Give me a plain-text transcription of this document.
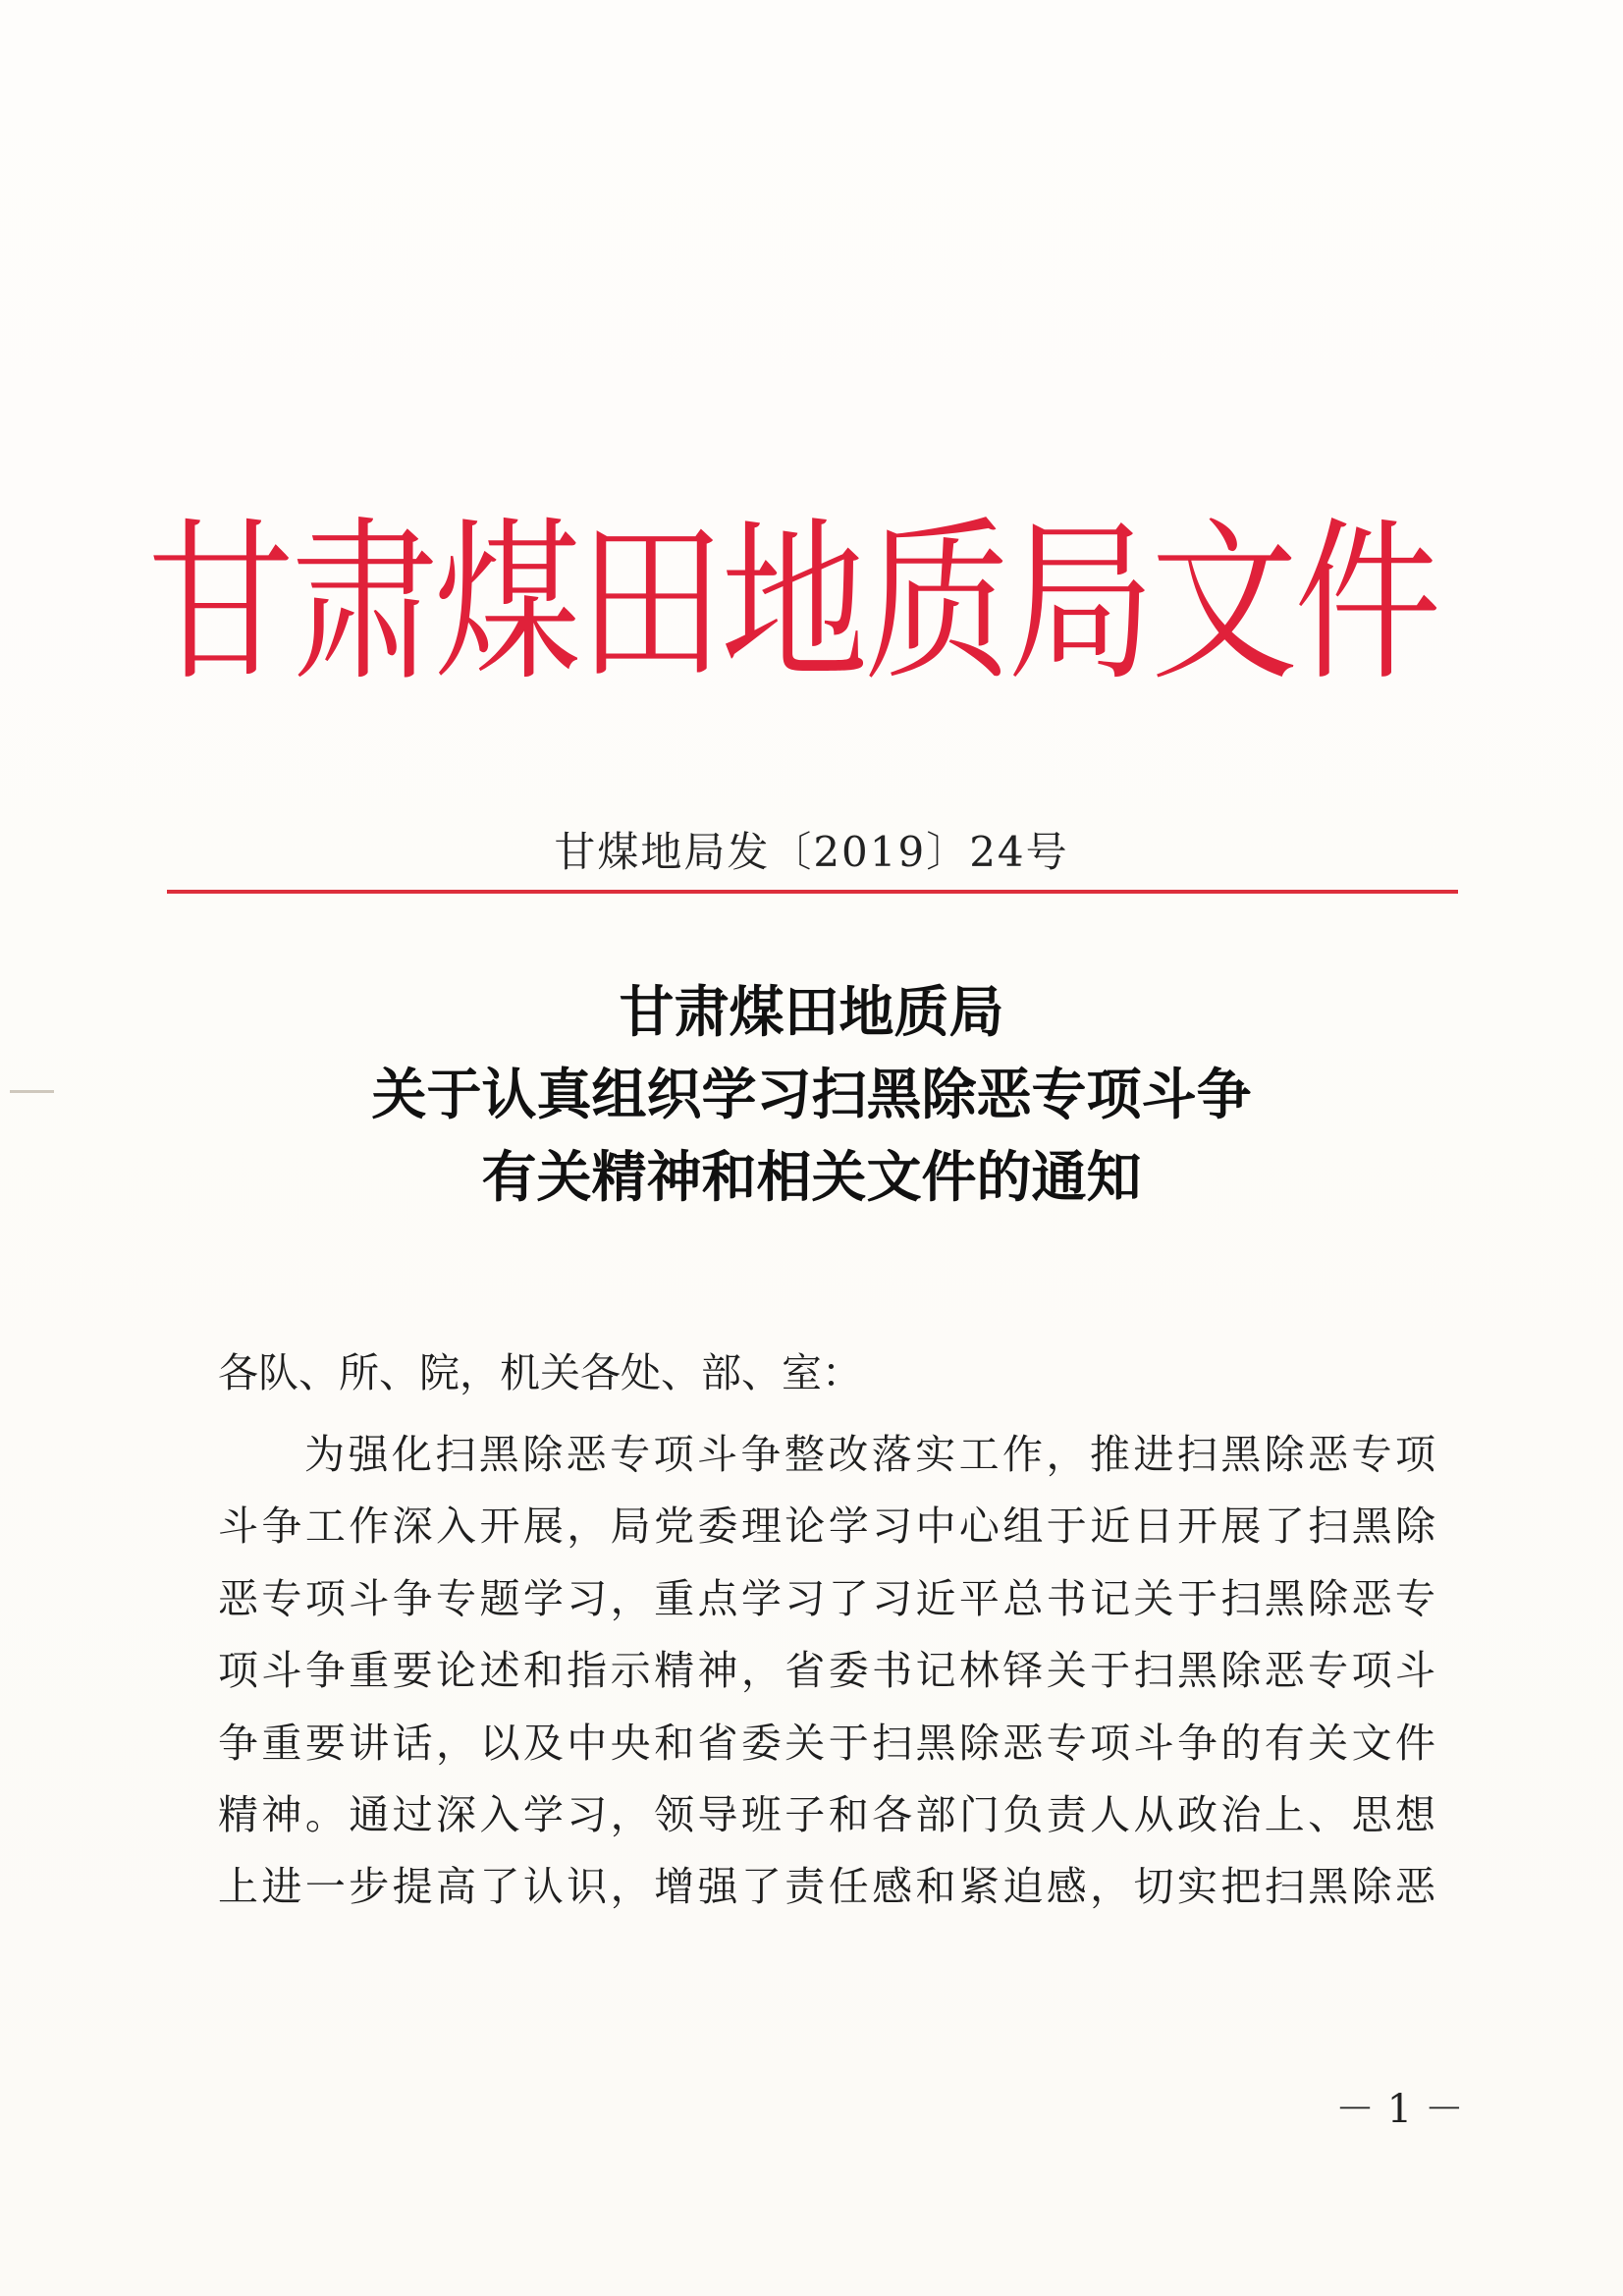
甘肃煤田地质局文件
甘煤地局发〔2019〕24号
甘肃煤田地质局
关于认真组织学习扫黑除恶专项斗争
有关精神和相关文件的通知
各队、所、院，机关各处、部、室：
为强化扫黑除恶专项斗争整改落实工作，推进扫黑除恶专项
斗争工作深入开展，局党委理论学习中心组于近日开展了扫黑除
恶专项斗争专题学习，重点学习了习近平总书记关于扫黑除恶专
项斗争重要论述和指示精神，省委书记林铎关于扫黑除恶专项斗
争重要讲话，以及中央和省委关于扫黑除恶专项斗争的有关文件
精神。通过深入学习，领导班子和各部门负责人从政治上、思想
上进一步提高了认识，增强了责任感和紧迫感，切实把扫黑除恶
－ 1 －
